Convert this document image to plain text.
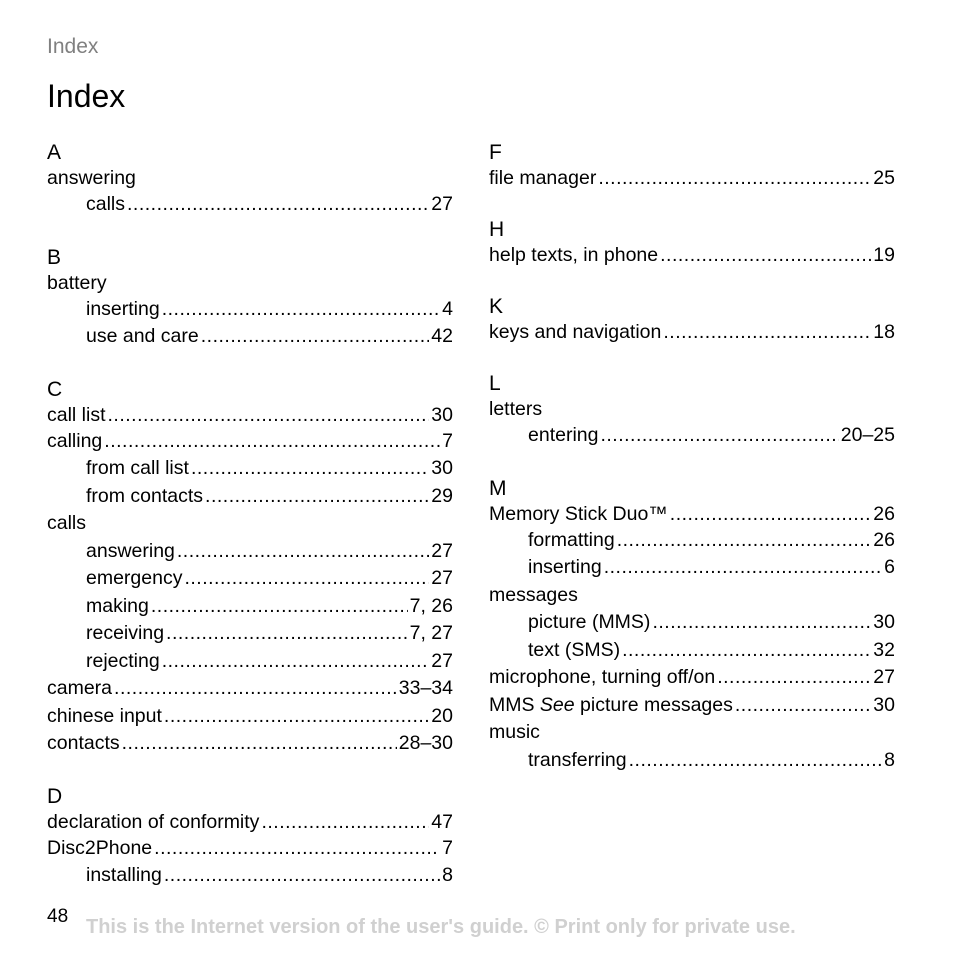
Index
Index
A
answering
calls .....	27
B
battery
inserting .....	4
use and care .....	42
C
call list .....	30
calling .....	7
from call list .....	30
from contacts .....	29
calls
answering .....	27
emergency .....	27
making .....	7, 26
receiving .....	7, 27
rejecting .....	27
camera .....	33–34
chinese input .....	20
contacts .....	28–30
D
declaration of conformity .....	47
Disc2Phone .....	7
installing .....	8
F
file manager .....	25
H
help texts, in phone .....	19
K
keys and navigation .....	18
L
letters
entering .....	20–25
M
Memory Stick Duo™ .....	26
formatting .....	26
inserting .....	6
messages
picture (MMS) .....	30
text (SMS) .....	32
microphone, turning off/on .....	27
MMS See picture messages .....	30
music
transferring .....	8
48 This is the Internet version of the user's guide. © Print only for private use.
